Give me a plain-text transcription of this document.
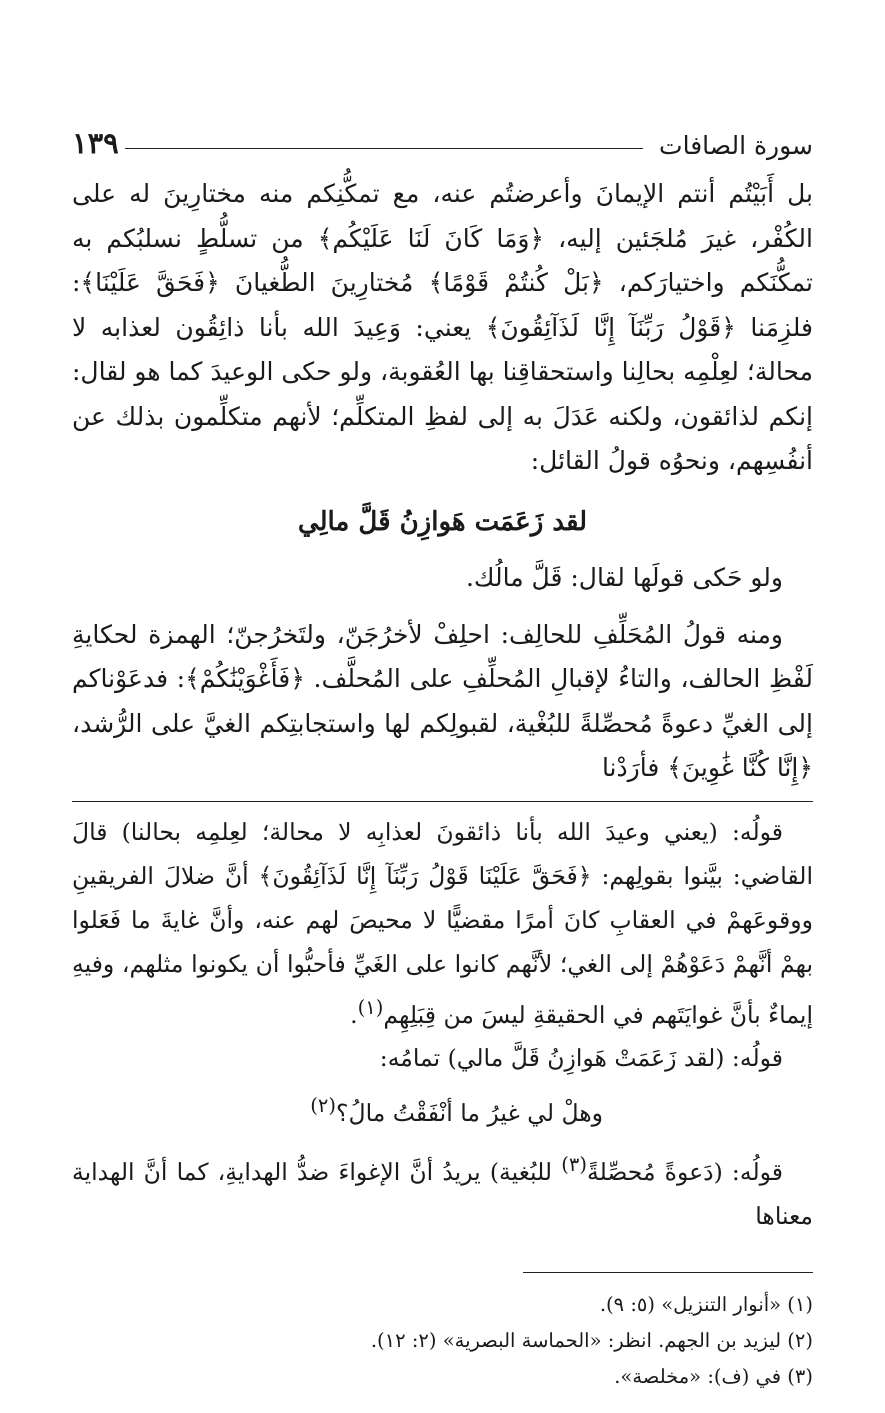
سورة الصافات
١٣٩

بل أَبَيْتُم أنتم الإيمانَ وأعرضتُم عنه، مع تمكُّنِكم منه مختارِينَ له على الكُفْر، غيرَ مُلجَئين إليه، ﴿وَمَا كَانَ لَنَا عَلَيْكُم﴾ من تسلُّطٍ نسلبُكم به تمكُّنَكم واختيارَكم، ﴿بَلْ كُنتُمْ قَوْمًا﴾ مُختارِينَ الطُّغيانَ ﴿فَحَقَّ عَلَيْنَا﴾: فلزِمَنا ﴿قَوْلُ رَبِّنَآ إِنَّا لَذَآئِقُونَ﴾ يعني: وَعِيدَ الله بأنا ذائِقُون لعذابه لا محالة؛ لعِلْمِه بحالِنا واستحقاقِنا بها العُقوبة، ولو حكى الوعيدَ كما هو لقال: إنكم لذائقون، ولكنه عَدَلَ به إلى لفظِ المتكلِّم؛ لأنهم متكلِّمون بذلك عن أنفُسِهم، ونحوُه قولُ القائل:

لقد زَعَمَت هَوازِنُ قَلَّ مالِي

ولو حَكى قولَها لقال: قَلَّ مالُك.

ومنه قولُ المُحَلِّفِ للحالِف: احلِفْ لأخرُجَنّ، ولتَخرُجنّ؛ الهمزة لحكايةِ لَفْظِ الحالف، والتاءُ لإقبالِ المُحلِّفِ على المُحلَّف. ﴿فَأَغْوَيْنَٰكُمْ﴾: فدعَوْناكم إلى الغيِّ دعوةً مُحصِّلةً للبُغْية، لقبولِكم لها واستجابتِكم الغيَّ على الرُّشد، ﴿إِنَّا كُنَّا غَٰوِينَ﴾ فأرَدْنا

قولُه: (يعني وعيدَ الله بأنا ذائقونَ لعذابِه لا محالة؛ لعِلمِه بحالنا) قالَ القاضي: بيَّنوا بقولِهم: ﴿فَحَقَّ عَلَيْنَا قَوْلُ رَبِّنَآ إِنَّا لَذَآئِقُونَ﴾ أنَّ ضلالَ الفريقينِ ووقوعَهمْ في العقابِ كانَ أمرًا مقضيًّا لا محيصَ لهم عنه، وأنَّ غايةَ ما فَعَلوا بهمْ أنَّهمْ دَعَوْهُمْ إلى الغي؛ لأنَّهم كانوا على الغَيِّ فأحبُّوا أن يكونوا مثلهم، وفيهِ إيماءٌ بأنَّ غوايَتَهم في الحقيقةِ ليسَ من قِبَلِهِم$^{(١)}$.

قولُه: (لقد زَعَمَتْ هَوازِنُ قَلَّ مالي) تمامُه:

وهلْ لي غيرُ ما أنْفَقْتُ مالُ؟$^{(٢)}$

قولُه: (دَعوةً مُحصِّلةً$^{(٣)}$ للبُغية) يريدُ أنَّ الإغواءَ ضدُّ الهدايةِ، كما أنَّ الهداية معناها

(١) «أنوار التنزيل» (٥: ٩).

(٢) ليزيد بن الجهم. انظر: «الحماسة البصرية» (٢: ١٢).

(٣) في (ف): «مخلصة».
